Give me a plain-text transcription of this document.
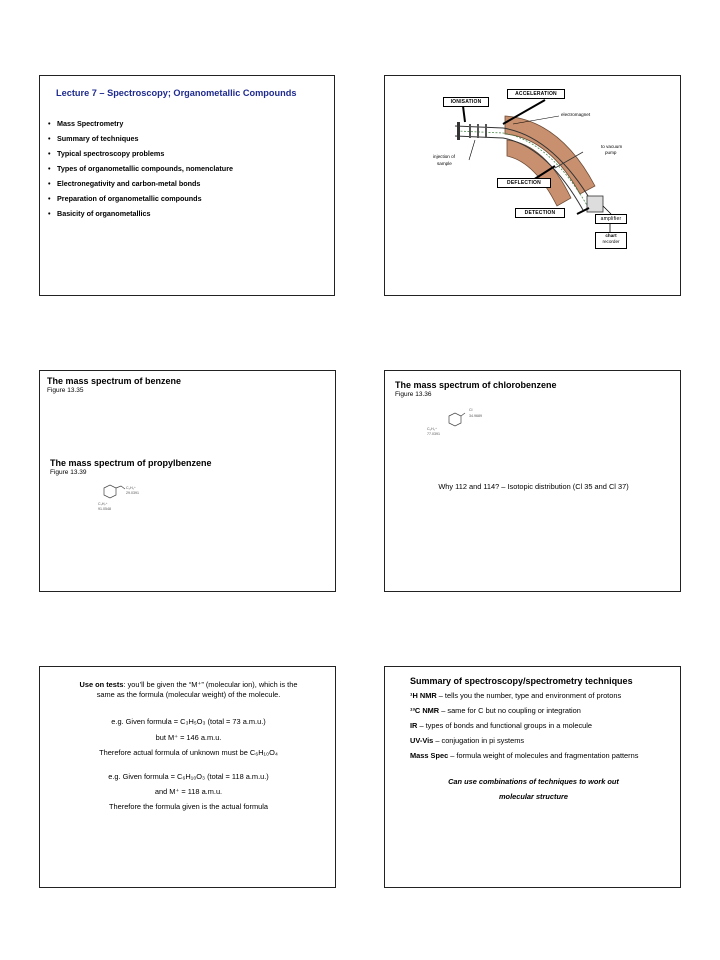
Lecture 7 – Spectroscopy; Organometallic Compounds
• Mass Spectrometry
• Summary of techniques
• Typical spectroscopy problems
• Types of organometallic compounds, nomenclature
• Electronegativity and carbon-metal bonds
• Preparation of organometallic compounds
• Basicity of organometallics
ACCELERATION
IONISATION
electromagnet
to vacuum
pump
injection of
sample
DEFLECTION
DETECTION
amplifier
chart
recorder
The mass spectrum of benzene
Figure 13.35
The mass spectrum of propylbenzene
Figure 13.39
C₂H₅⁺
29.0391
C₇H₇⁺
91.0548
The mass spectrum of chlorobenzene
Figure 13.36
Cl
34.9689
C₆H₅⁺
77.0391
Why 112 and 114? – Isotopic distribution (Cl 35 and Cl 37)
Use on tests: you’ll be given the “M⁺” (molecular ion), which is the
same as the formula (molecular weight) of the molecule.
e.g. Given formula = C₃H₅O₃ (total = 73 a.m.u.)
but M⁺ = 146 a.m.u.
Therefore actual formula of unknown must be C₆H₁₀O₄
e.g. Given formula = C₆H₁₀O₃ (total = 118 a.m.u.)
and M⁺ = 118 a.m.u.
Therefore the formula given is the actual formula
Summary of spectroscopy/spectrometry techniques
¹H NMR – tells you the number, type and environment of protons
¹³C NMR – same for C but no coupling or integration
IR – types of bonds and functional groups in a molecule
UV-Vis – conjugation in pi systems
Mass Spec – formula weight of molecules and fragmentation patterns
Can use combinations of techniques to work out
molecular structure
